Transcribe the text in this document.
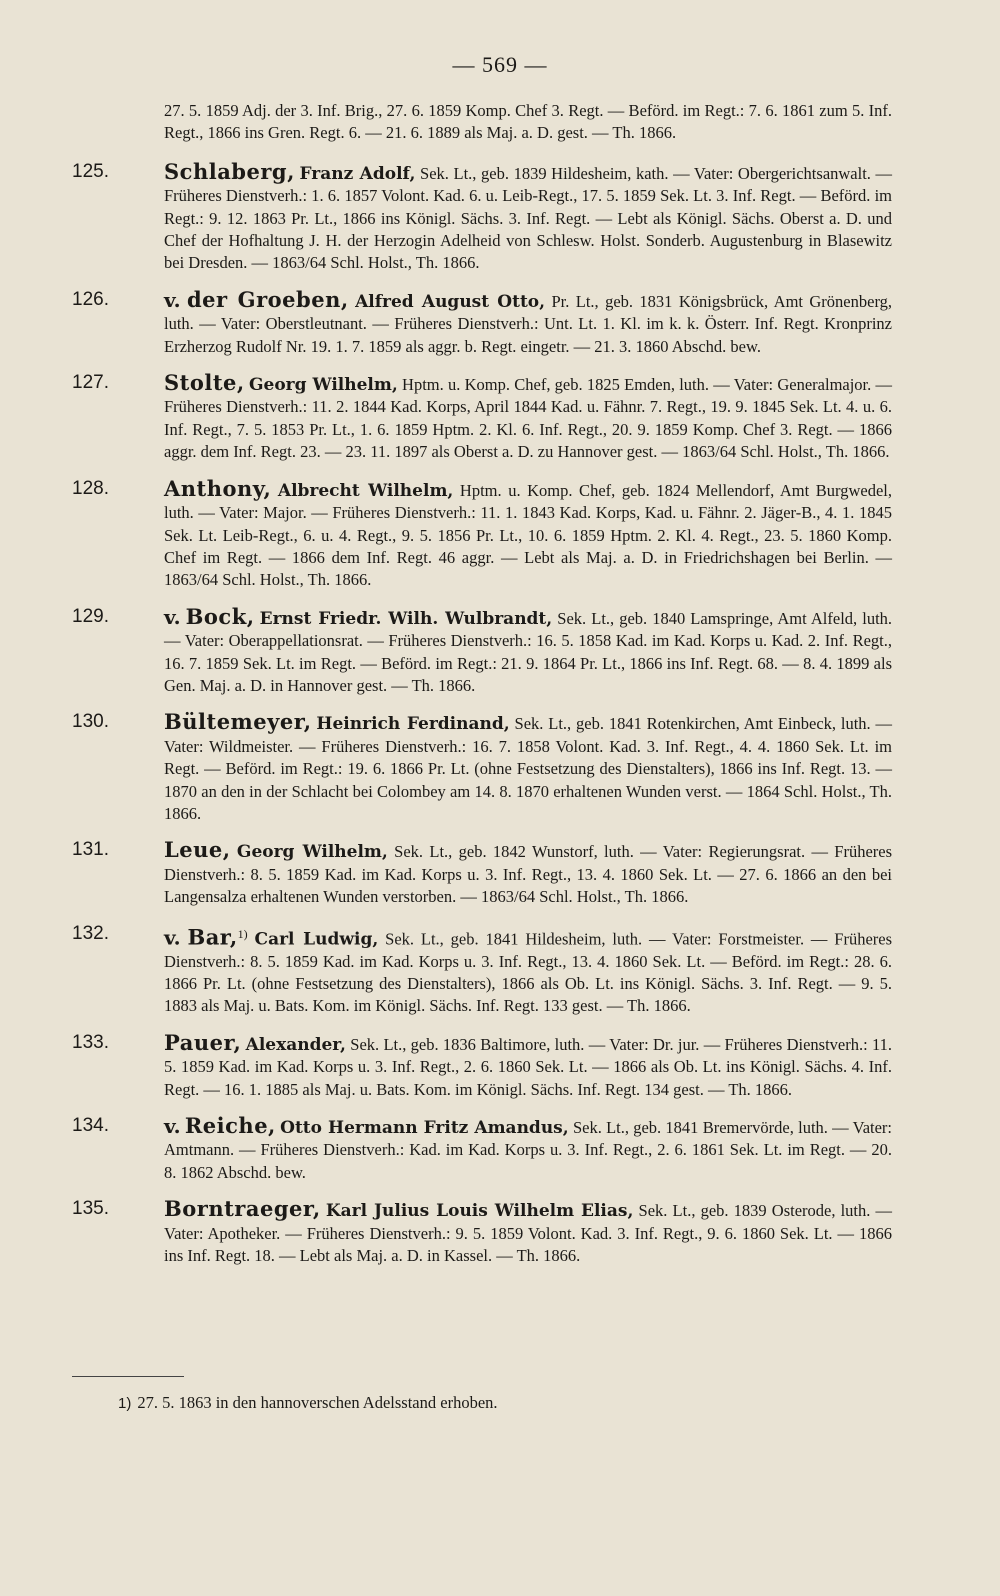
— 569 —
27. 5. 1859 Adj. der 3. Inf. Brig., 27. 6. 1859 Komp. Chef 3. Regt. — Beförd. im Regt.: 7. 6. 1861 zum 5. Inf. Regt., 1866 ins Gren. Regt. 6. — 21. 6. 1889 als Maj. a. D. gest. — Th. 1866.
125.	Schlaberg, Franz Adolf, Sek. Lt., geb. 1839 Hildesheim, kath. — Vater: Obergerichtsanwalt. — Früheres Dienstverh.: 1. 6. 1857 Volont. Kad. 6. u. Leib-Regt., 17. 5. 1859 Sek. Lt. 3. Inf. Regt. — Beförd. im Regt.: 9. 12. 1863 Pr. Lt., 1866 ins Königl. Sächs. 3. Inf. Regt. — Lebt als Königl. Sächs. Oberst a. D. und Chef der Hofhaltung J. H. der Herzogin Adelheid von Schlesw. Holst. Sonderb. Augustenburg in Blasewitz bei Dresden. — 1863/64 Schl. Holst., Th. 1866.
126.	v. der Groeben, Alfred August Otto, Pr. Lt., geb. 1831 Königsbrück, Amt Grönenberg, luth. — Vater: Oberstleutnant. — Früheres Dienstverh.: Unt. Lt. 1. Kl. im k. k. Österr. Inf. Regt. Kronprinz Erzherzog Rudolf Nr. 19. 1. 7. 1859 als aggr. b. Regt. eingetr. — 21. 3. 1860 Abschd. bew.
127.	Stolte, Georg Wilhelm, Hptm. u. Komp. Chef, geb. 1825 Emden, luth. — Vater: Generalmajor. — Früheres Dienstverh.: 11. 2. 1844 Kad. Korps, April 1844 Kad. u. Fähnr. 7. Regt., 19. 9. 1845 Sek. Lt. 4. u. 6. Inf. Regt., 7. 5. 1853 Pr. Lt., 1. 6. 1859 Hptm. 2. Kl. 6. Inf. Regt., 20. 9. 1859 Komp. Chef 3. Regt. — 1866 aggr. dem Inf. Regt. 23. — 23. 11. 1897 als Oberst a. D. zu Hannover gest. — 1863/64 Schl. Holst., Th. 1866.
128.	Anthony, Albrecht Wilhelm, Hptm. u. Komp. Chef, geb. 1824 Mellendorf, Amt Burgwedel, luth. — Vater: Major. — Früheres Dienstverh.: 11. 1. 1843 Kad. Korps, Kad. u. Fähnr. 2. Jäger-B., 4. 1. 1845 Sek. Lt. Leib-Regt., 6. u. 4. Regt., 9. 5. 1856 Pr. Lt., 10. 6. 1859 Hptm. 2. Kl. 4. Regt., 23. 5. 1860 Komp. Chef im Regt. — 1866 dem Inf. Regt. 46 aggr. — Lebt als Maj. a. D. in Friedrichshagen bei Berlin. — 1863/64 Schl. Holst., Th. 1866.
129.	v. Bock, Ernst Friedr. Wilh. Wulbrandt, Sek. Lt., geb. 1840 Lamspringe, Amt Alfeld, luth. — Vater: Oberappellationsrat. — Früheres Dienstverh.: 16. 5. 1858 Kad. im Kad. Korps u. Kad. 2. Inf. Regt., 16. 7. 1859 Sek. Lt. im Regt. — Beförd. im Regt.: 21. 9. 1864 Pr. Lt., 1866 ins Inf. Regt. 68. — 8. 4. 1899 als Gen. Maj. a. D. in Hannover gest. — Th. 1866.
130.	Bültemeyer, Heinrich Ferdinand, Sek. Lt., geb. 1841 Rotenkirchen, Amt Einbeck, luth. — Vater: Wildmeister. — Früheres Dienstverh.: 16. 7. 1858 Volont. Kad. 3. Inf. Regt., 4. 4. 1860 Sek. Lt. im Regt. — Beförd. im Regt.: 19. 6. 1866 Pr. Lt. (ohne Festsetzung des Dienstalters), 1866 ins Inf. Regt. 13. — 1870 an den in der Schlacht bei Colombey am 14. 8. 1870 erhaltenen Wunden verst. — 1864 Schl. Holst., Th. 1866.
131.	Leue, Georg Wilhelm, Sek. Lt., geb. 1842 Wunstorf, luth. — Vater: Regierungsrat. — Früheres Dienstverh.: 8. 5. 1859 Kad. im Kad. Korps u. 3. Inf. Regt., 13. 4. 1860 Sek. Lt. — 27. 6. 1866 an den bei Langensalza erhaltenen Wunden verstorben. — 1863/64 Schl. Holst., Th. 1866.
132.	v. Bar,$^{1)}$ Carl Ludwig, Sek. Lt., geb. 1841 Hildesheim, luth. — Vater: Forstmeister. — Früheres Dienstverh.: 8. 5. 1859 Kad. im Kad. Korps u. 3. Inf. Regt., 13. 4. 1860 Sek. Lt. — Beförd. im Regt.: 28. 6. 1866 Pr. Lt. (ohne Festsetzung des Dienstalters), 1866 als Ob. Lt. ins Königl. Sächs. 3. Inf. Regt. — 9. 5. 1883 als Maj. u. Bats. Kom. im Königl. Sächs. Inf. Regt. 133 gest. — Th. 1866.
133.	Pauer, Alexander, Sek. Lt., geb. 1836 Baltimore, luth. — Vater: Dr. jur. — Früheres Dienstverh.: 11. 5. 1859 Kad. im Kad. Korps u. 3. Inf. Regt., 2. 6. 1860 Sek. Lt. — 1866 als Ob. Lt. ins Königl. Sächs. 4. Inf. Regt. — 16. 1. 1885 als Maj. u. Bats. Kom. im Königl. Sächs. Inf. Regt. 134 gest. — Th. 1866.
134.	v. Reiche, Otto Hermann Fritz Amandus, Sek. Lt., geb. 1841 Bremervörde, luth. — Vater: Amtmann. — Früheres Dienstverh.: Kad. im Kad. Korps u. 3. Inf. Regt., 2. 6. 1861 Sek. Lt. im Regt. — 20. 8. 1862 Abschd. bew.
135.	Borntraeger, Karl Julius Louis Wilhelm Elias, Sek. Lt., geb. 1839 Osterode, luth. — Vater: Apotheker. — Früheres Dienstverh.: 9. 5. 1859 Volont. Kad. 3. Inf. Regt., 9. 6. 1860 Sek. Lt. — 1866 ins Inf. Regt. 18. — Lebt als Maj. a. D. in Kassel. — Th. 1866.
1) 27. 5. 1863 in den hannoverschen Adelsstand erhoben.
